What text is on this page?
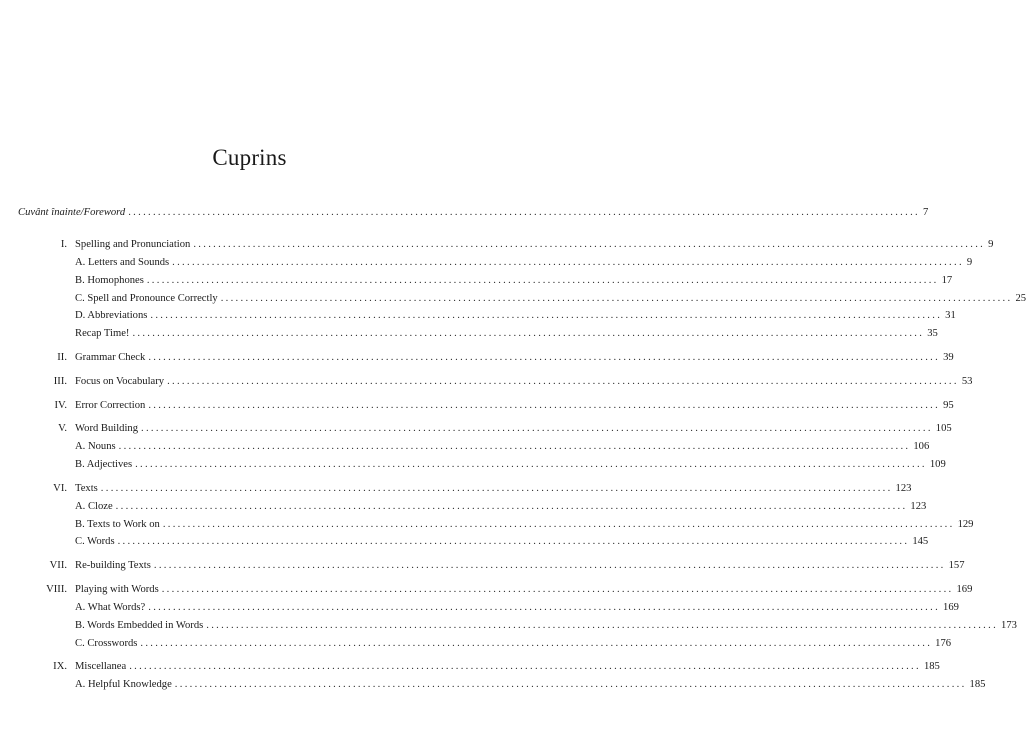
Cuprins
Cuvânt înainte/Foreword ................................................................................................................................................................ 7
I. Spelling and Pronunciation ................................................................................................................................................................ 9
A. Letters and Sounds ................................................................................................................................................................ 9
B. Homophones ................................................................................................................................................................ 17
C. Spell and Pronounce Correctly ................................................................................................................................................................ 25
D. Abbreviations ................................................................................................................................................................ 31
Recap Time! ................................................................................................................................................................ 35
II. Grammar Check ................................................................................................................................................................ 39
III. Focus on Vocabulary ................................................................................................................................................................ 53
IV. Error Correction ................................................................................................................................................................ 95
V. Word Building ................................................................................................................................................................ 105
A. Nouns ................................................................................................................................................................ 106
B. Adjectives ................................................................................................................................................................ 109
VI. Texts ................................................................................................................................................................ 123
A. Cloze ................................................................................................................................................................ 123
B. Texts to Work on ................................................................................................................................................................ 129
C. Words ................................................................................................................................................................ 145
VII. Re-building Texts ................................................................................................................................................................ 157
VIII. Playing with Words ................................................................................................................................................................ 169
A. What Words? ................................................................................................................................................................ 169
B. Words Embedded in Words ................................................................................................................................................................ 173
C. Crosswords ................................................................................................................................................................ 176
IX. Miscellanea ................................................................................................................................................................ 185
A. Helpful Knowledge ................................................................................................................................................................ 185
